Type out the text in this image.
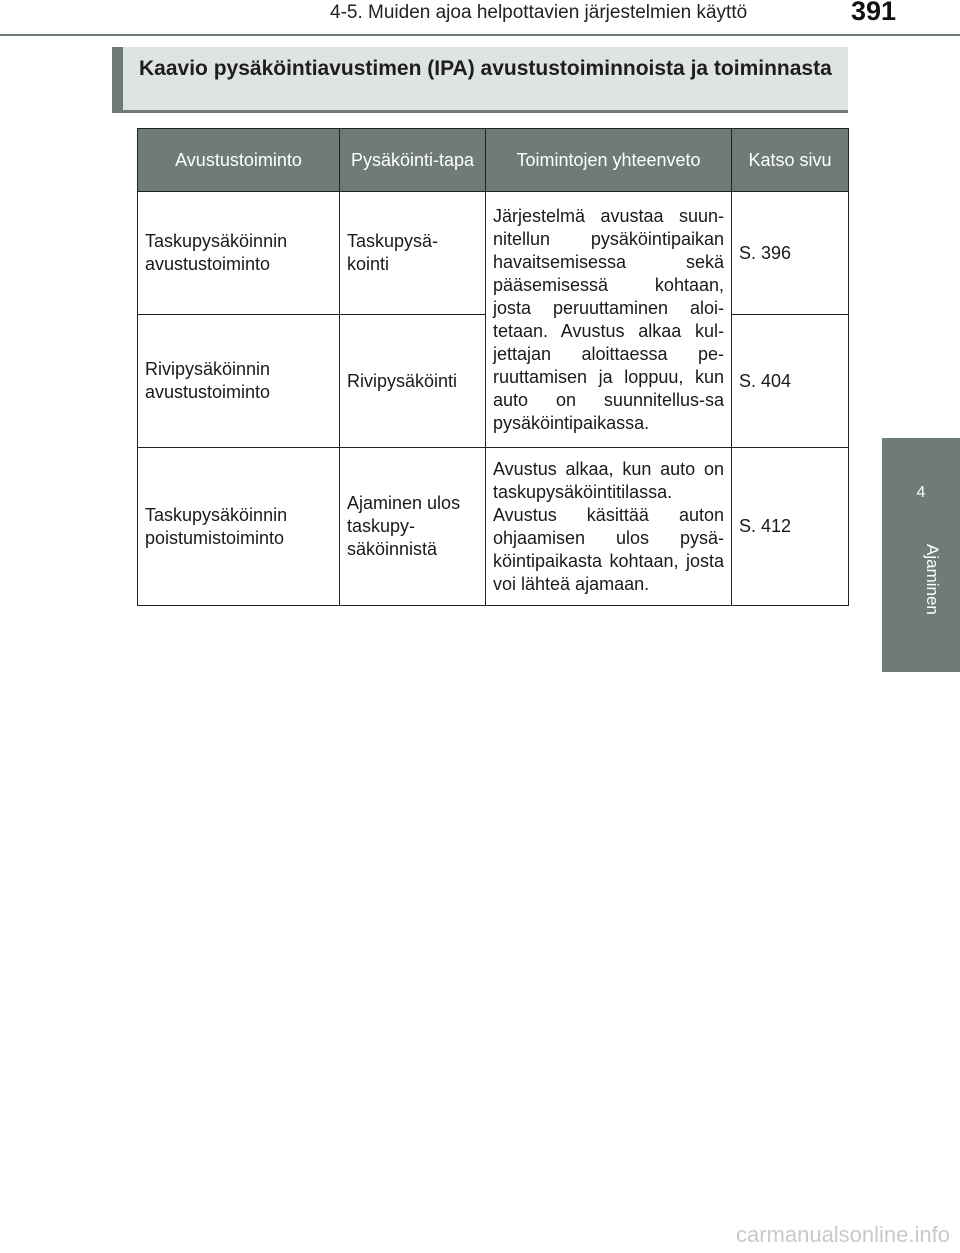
4-5. Muiden ajoa helpottavien järjestelmien käyttö	391
4
Ajaminen
Kaavio pysäköintiavustimen (IPA) avustustoiminnoista ja toiminnasta
Avustustoiminto	Pysäköinti-tapa	Toimintojen yhteenveto	Katso sivu
Taskupysäköinnin avustustoiminto	Taskupysä-kointi	Järjestelmä avustaa suun-nitellun pysäköintipaikan havaitsemisessa sekä pääsemisessä kohtaan, josta peruuttaminen aloi-tetaan. Avustus alkaa kul-jettajan aloittaessa pe-ruuttamisen ja loppuu, kun auto on suunnitellus-sa pysäköintipaikassa.	S. 396
Rivipysäköinnin avustustoiminto	Rivipysäköinti		S. 404
Taskupysäköinnin poistumistoiminto	Ajaminen ulos taskupy-säköinnistä	Avustus alkaa, kun auto on taskupysäköintitilassa. Avustus käsittää auton ohjaamisen ulos pysä-köintipaikasta kohtaan, josta voi lähteä ajamaan.	S. 412
carmanualsonline.info
